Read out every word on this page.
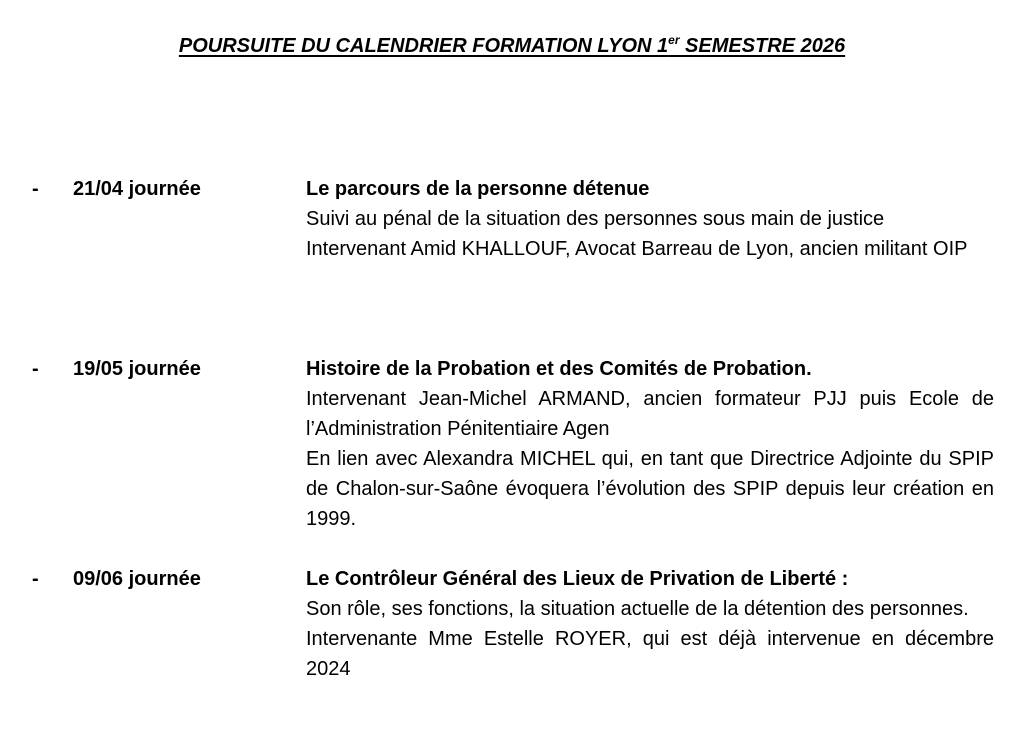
POURSUITE DU CALENDRIER FORMATION LYON 1er SEMESTRE 2026
- 21/04 journée	Le parcours de la personne détenue

Suivi au pénal de la situation des personnes sous main de justice

Intervenant Amid KHALLOUF, Avocat Barreau de Lyon, ancien militant OIP

- 19/05 journée	Histoire de la Probation et des Comités de Probation.

Intervenant Jean-Michel ARMAND, ancien formateur PJJ puis Ecole de l’Administration Pénitentiaire Agen

En lien avec Alexandra MICHEL qui, en tant que Directrice Adjointe du SPIP de Chalon-sur-Saône évoquera l’évolution des SPIP depuis leur création en 1999.

- 09/06 journée	Le Contrôleur Général des Lieux de Privation de Liberté :

Son rôle, ses fonctions, la situation actuelle de la détention des personnes.

Intervenante Mme Estelle ROYER, qui est déjà intervenue en décembre 2024
